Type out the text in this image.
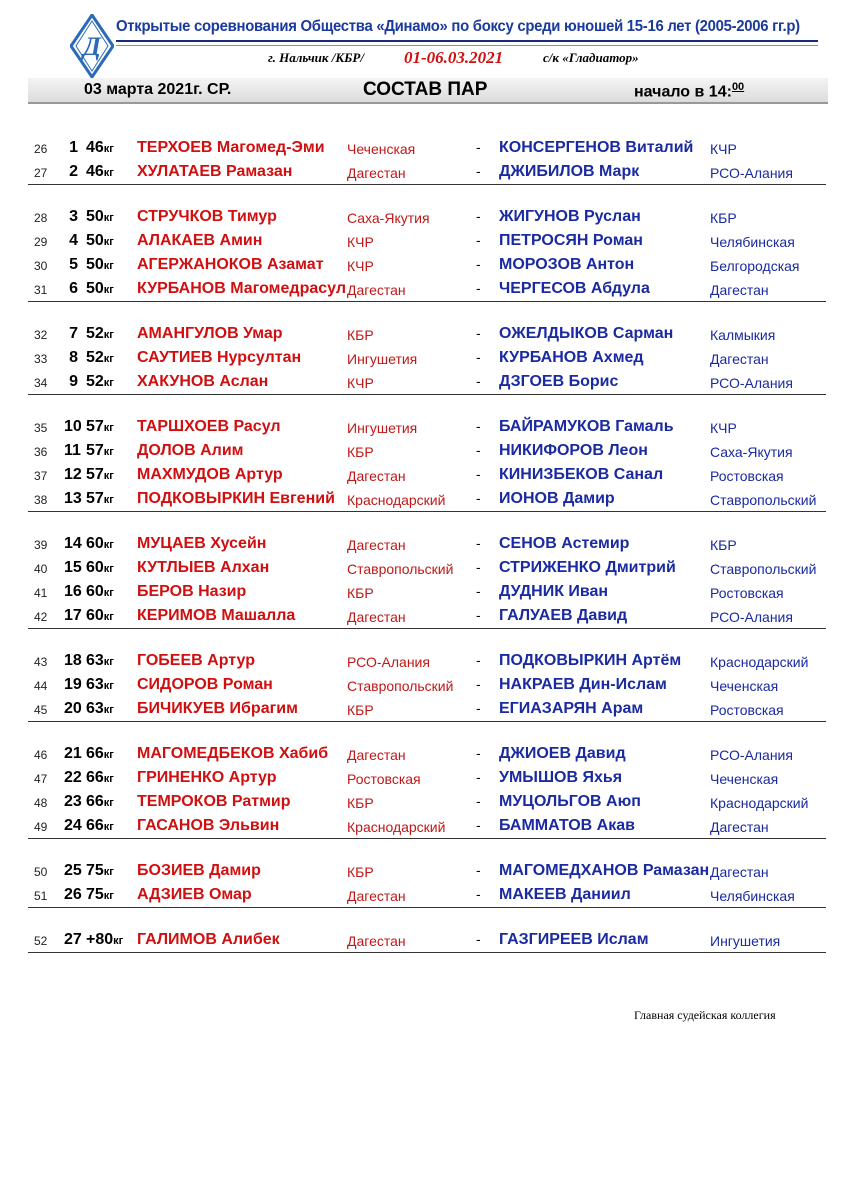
Д
Открытые соревнования Общества «Динамо» по боксу среди юношей 15-16 лет (2005-2006 гг.р)
г. Нальчик /КБР/ 01-06.03.2021	с/к «Гладиатор»
03 марта 2021г. СР.	СОСТАВ ПАР	начало в 14:$^{00}$
26	1 46кг ТЕРХОЕВ Магомед-Эми Чеченская	- КОНСЕРГЕНОВ Виталий КЧР
27	2 46кг ХУЛАТАЕВ Рамазан	Дагестан	- ДЖИБИЛОВ Марк	РСО-Алания
28	3 50кг СТРУЧКОВ Тимур	Саха-Якутия	- ЖИГУНОВ Руслан	КБР
29	4 50кг АЛАКАЕВ Амин	КЧР	- ПЕТРОСЯН Роман	Челябинская
30	5 50кг АГЕРЖАНОКОВ Азамат КЧР	- МОРОЗОВ Антон	Белгородская
31	6 50кг КУРБАНОВ Магомедрасул Дагестан	- ЧЕРГЕСОВ Абдула	Дагестан
32	7 52кг АМАНГУЛОВ Умар	КБР	- ОЖЕЛДЫКОВ Сарман	Калмыкия
33	8 52кг САУТИЕВ Нурсултан	Ингушетия	- КУРБАНОВ Ахмед	Дагестан
34	9 52кг ХАКУНОВ Аслан	КЧР	- ДЗГОЕВ Борис	РСО-Алания
35 10 57кг ТАРШХОЕВ Расул	Ингушетия	- БАЙРАМУКОВ Гамаль	КЧР
36 11 57кг ДОЛОВ Алим	КБР	- НИКИФОРОВ Леон	Саха-Якутия
37 12 57кг МАХМУДОВ Артур	Дагестан	- КИНИЗБЕКОВ Санал	Ростовская
38 13 57кг ПОДКОВЫРКИН Евгений Краснодарский - ИОНОВ Дамир	Ставропольский
39 14 60кг МУЦАЕВ Хусейн	Дагестан	- СЕНОВ Астемир	КБР
40 15 60кг КУТЛЫЕВ Алхан	Ставропольский - СТРИЖЕНКО Дмитрий Ставропольский
41 16 60кг БЕРОВ Назир	КБР	- ДУДНИК Иван	Ростовская
42 17 60кг КЕРИМОВ Машалла	Дагестан	- ГАЛУАЕВ Давид	РСО-Алания
43 18 63кг ГОБЕЕВ Артур	РСО-Алания	- ПОДКОВЫРКИН Артём Краснодарский
44 19 63кг СИДОРОВ Роман	Ставропольский - НАКРАЕВ Дин-Ислам	Чеченская
45 20 63кг БИЧИКУЕВ Ибрагим	КБР	- ЕГИАЗАРЯН Арам	Ростовская
46 21 66кг МАГОМЕДБЕКОВ Хабиб Дагестан	- ДЖИОЕВ Давид	РСО-Алания
47 22 66кг ГРИНЕНКО Артур	Ростовская	- УМЫШОВ Яхья	Чеченская
48 23 66кг ТЕМРОКОВ Ратмир	КБР	- МУЦОЛЬГОВ Аюп	Краснодарский
49 24 66кг ГАСАНОВ Эльвин	Краснодарский - БАММАТОВ Акав	Дагестан
50 25 75кг БОЗИЕВ Дамир	КБР	- МАГОМЕДХАНОВ Рамазан Дагестан
51 26 75кг АДЗИЕВ Омар	Дагестан	- МАКЕЕВ Даниил	Челябинская
52 27 +80кг ГАЛИМОВ Алибек	Дагестан	- ГАЗГИРЕЕВ Ислам	Ингушетия
Главная судейская коллегия
